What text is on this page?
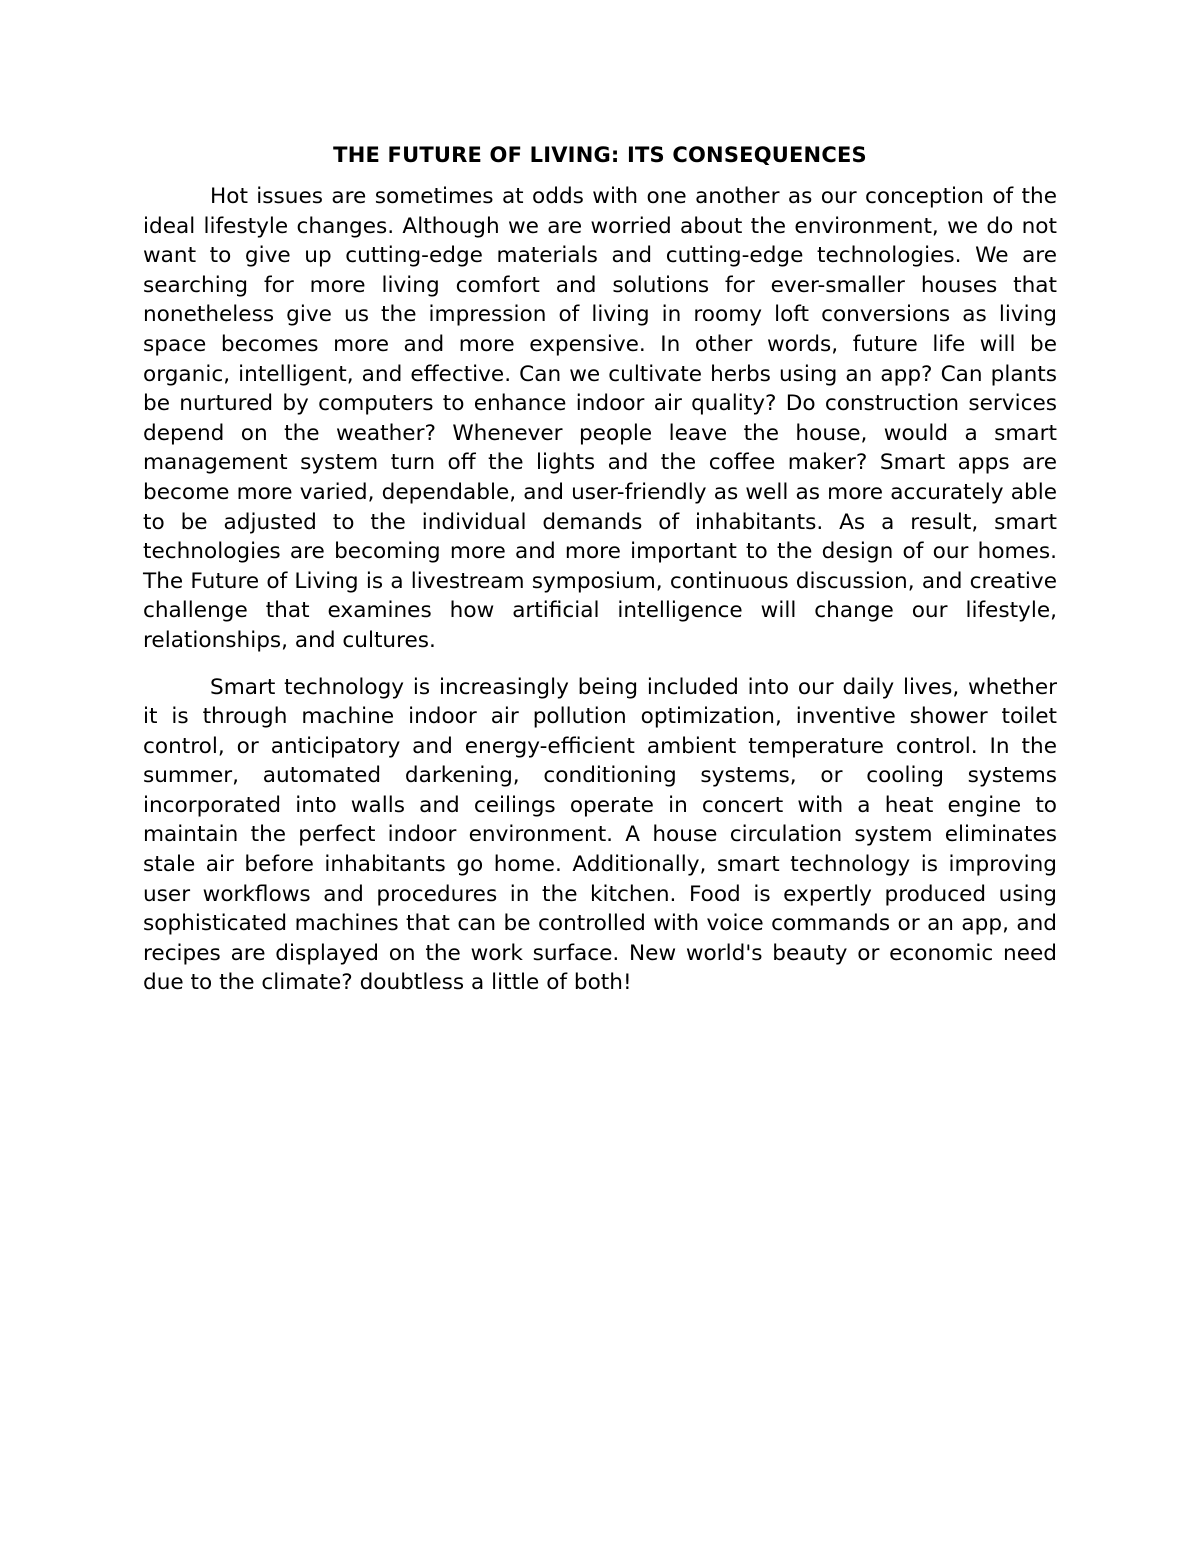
THE FUTURE OF LIVING: ITS CONSEQUENCES

Hot issues are sometimes at odds with one another as our conception of the ideal lifestyle changes. Although we are worried about the environment, we do not want to give up cutting-edge materials and cutting-edge technologies. We are searching for more living comfort and solutions for ever-smaller houses that nonetheless give us the impression of living in roomy loft conversions as living space becomes more and more expensive. In other words, future life will be organic, intelligent, and effective. Can we cultivate herbs using an app? Can plants be nurtured by computers to enhance indoor air quality? Do construction services depend on the weather? Whenever people leave the house, would a smart management system turn off the lights and the coffee maker? Smart apps are become more varied, dependable, and user-friendly as well as more accurately able to be adjusted to the individual demands of inhabitants. As a result, smart technologies are becoming more and more important to the design of our homes. The Future of Living is a livestream symposium, continuous discussion, and creative challenge that examines how artificial intelligence will change our lifestyle, relationships, and cultures.

Smart technology is increasingly being included into our daily lives, whether it is through machine indoor air pollution optimization, inventive shower toilet control, or anticipatory and energy-efficient ambient temperature control. In the summer, automated darkening, conditioning systems, or cooling systems incorporated into walls and ceilings operate in concert with a heat engine to maintain the perfect indoor environment. A house circulation system eliminates stale air before inhabitants go home. Additionally, smart technology is improving user workflows and procedures in the kitchen. Food is expertly produced using sophisticated machines that can be controlled with voice commands or an app, and recipes are displayed on the work surface. New world's beauty or economic need due to the climate? doubtless a little of both!
